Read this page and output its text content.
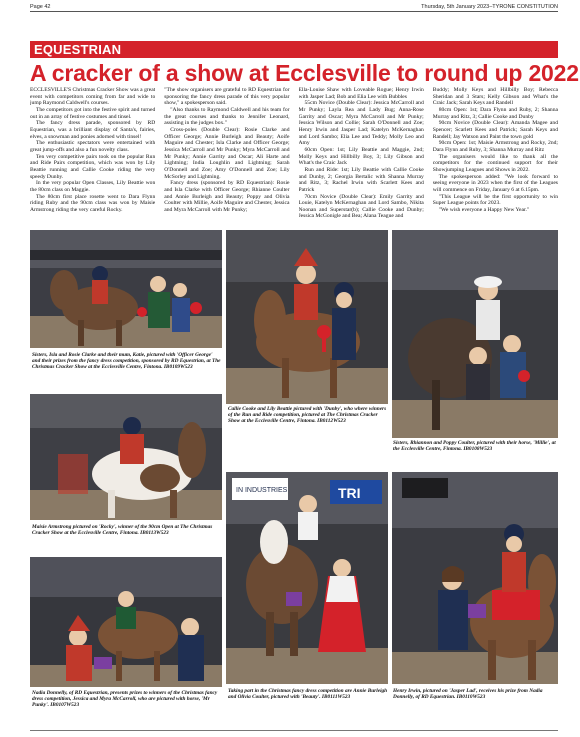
Page 42	Thursday, 5th January 2023–TYRONE CONSTITUTION
EQUESTRIAN
A cracker of a show at Ecclesville to round up 2022

ECCLESVILLE'S Christmas Cracker Show was a great event with competitors coming from far and wide to jump Raymond Caldwell's courses.

The competitors got into the festive spirit and turned out in an array of festive costumes and tinsel.

The fancy dress parade, sponsored by RD Equestrian, was a brilliant display of Santa's, fairies, elves, a snowman and ponies adorned with tinsel!

The enthusiastic spectators were entertained with great jump-offs and also a fun novelty class.

Ten very competitive pairs took on the popular Run and Ride Pairs competition, which was won by Lily Beattie running and Callie Cooke riding the very speedy Dunby.

In the very popular Open Classes, Lily Beattie won the 80cm class on Maggie.

The 80cm first place rosette went to Dara Flynn riding Ruby and the 90cm class was won by Maisie Armstrong riding the very careful Rocky.

"The show organisers are grateful to RD Equestrian for sponsoring the fancy dress parade of this very popular show," a spokesperson said.

"Also thanks to Raymond Caldwell and his team for the great courses and thanks to Jennifer Leonard, assisting in the judges box."

Cross-poles (Double Clear): Rosie Clarke and Officer George; Annie Burleigh and Beauty; Aoife Maguire and Chester; Isla Clarke and Officer George; Jessica McCarroll and Mr Punky; Myra McCarroll and Mr Punky; Annie Garrity and Oscar; Ali Harte and Lightning; India Loughlin and Lightning; Sarah O'Donnell and Zoe; Amy O'Donnell and Zoe; Lily McSorley and Lightning.

Fancy dress (sponsored by RD Equestrian): Rosie and Isla Clarke with Officer George; Rhianne Coulter and Annie Burleigh and Beauty; Poppy and Olivia Coulter with Millie, Aoife Maguire and Chester, Jessica and Myra McCarroll with Mr Punky;

Ella-Louise Shaw with Loveable Rogue; Henry Irwin with Jasper Lad; Bob and Elia Lee with Bubbles

55cm Novice (Double Clear): Jessica McCarroll and Mr Punky; Layla Rea and Lady Bug; Anna-Rose Garrity and Oscar; Myra McCarroll and Mr Punky; Jessica Wilson and Collie; Sarah O'Donnell and Zoe; Henry Irwin and Jasper Lad; Katelyn McKernaghan and Lord Sambo; Elia Lee and Teddy; Molly Leo and Amy

60cm Open: 1st; Lily Beattie and Maggie, 2nd; Molly Keys and Hillbilly Boy, 3; Lily Gibson and What's the Craic Jack

Run and Ride: 1st; Lily Beattie with Callie Cooke and Dunby, 2; Georgia Bertalic with Shanna Murray and Ritz, 3; Rachel Irwin with Scarlett Kees and Patrick

70cm Novice (Double Clear): Emily Garrity and Louie, Katelyn McKernaghan and Lord Sambo, Nikita Noonan and Superstar(b); Callie Cooke and Dunby; Jessica McGonigle and Bea; Alana Teague and

Buddy; Molly Keys and Hillbilly Boy; Rebecca Sheridan and 3 Stars; Kelly Gibson and What's the Craic Jack; Sarah Keys and Randell

80cm Open: 1st; Dara Flynn and Ruby, 2; Shanna Murray and Ritz, 3; Callie Cooke and Dunby

90cm Novice (Double Clear): Amanda Magee and Spencer; Scarlett Kees and Patrick; Sarah Keys and Randell; Jay Watson and Paint the town gold

90cm Open: 1st; Maisie Armstrong and Rocky, 2nd; Dara Flynn and Ruby, 3; Shanna Murray and Ritz

The organisers would like to thank all the competitors for the continued support for their Showjumping Leagues and Shows in 2022.

The spokesperson added: "We look forward to seeing everyone in 2023 when the first of the Leagues will commence on Friday, January 6 at 6.15pm.

"This League will be the first opportunity to win Super League points for 2023.

"We wish everyone a Happy New Year."

Sisters, Isla and Rosie Clarke and their mum, Katie, pictured with 'Officer George' and their prizes from the fancy dress competition, sponsored by RD Equestrian, at The Christmas Cracker Show at the Ecclesville Centre, Fintona. IB0109W523
Callie Cooke and Lily Beattie pictured with 'Dunby', who where winners of the Run and Ride competition, pictured at The Christmas Cracker Show at the Ecclesville Centre, Fintona. IB0112W523
Sisters, Rhiannon and Poppy Coulter, pictured with their horse, 'Millie', at the Ecclesville Centre, Fintona. IB0108W523
Maisie Armstrong pictured on 'Rocky', winner of the 90cm Open at The Christmas Cracker Show at the Ecclesville Centre, Fintona. IB0113W523
Nadia Donnelly, of RD Equestrian, presents prizes to winners of the Christmas fancy dress competition, Jessica and Myra McCarroll, who are pictured with horse, 'Mr Punky'. IB0107W523
IN INDUSTRIES	TRI
Taking part in the Christmas fancy dress competition are Annie Burleigh and Olivia Coulter, pictured with 'Beauty'. IB0111W523
Henry Irwin, pictured on 'Jasper Lad', receives his prize from Nadia Donnelly, of RD Equestrian. IB0110W523
